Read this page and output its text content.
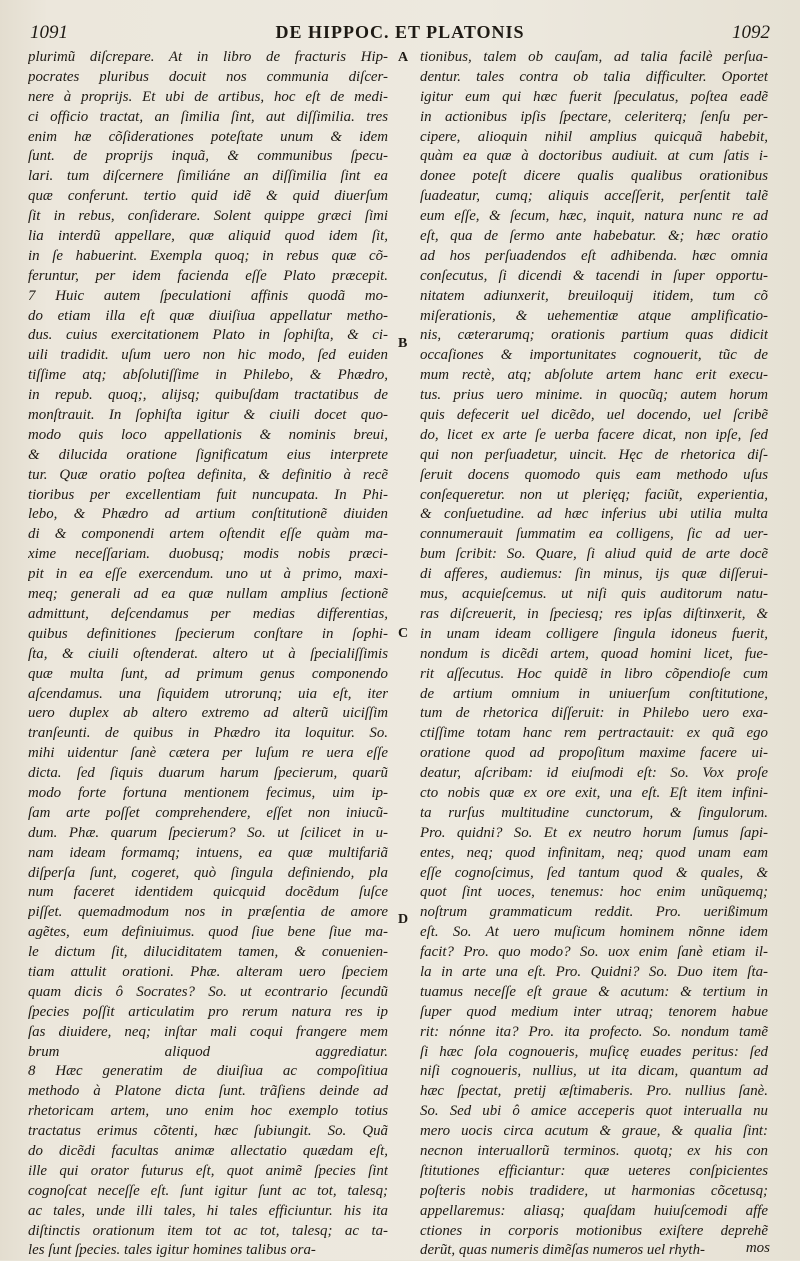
1091	DE HIPPOC. ET PLATONIS	1092
plurimũ diſcrepare. At in libro de fracturis Hip-
pocrates pluribus docuit nos communia diſcer-
nere à proprijs. Et ubi de artibus, hoc eſt de medi-
ci officio tractat, an ſimilia ſint, aut diſſimilia. tres
enim hæ cõſiderationes poteſtate unum & idem
ſunt. de proprijs inquã, & communibus ſpecu-
lari. tum diſcernere ſimiliáne an diſſimilia ſint ea
quæ conferunt. tertio quid idẽ & quid diuerſum
ſit in rebus, conſiderare. Solent quippe græci ſimi
lia interdũ appellare, quæ aliquid quod idem ſit,
in ſe habuerint. Exempla quoq; in rebus quæ cõ-
feruntur, per idem facienda eſſe Plato præcepit.
7 Huic autem ſpeculationi affinis quodã mo-
do etiam illa eſt quæ diuiſiua appellatur metho-
dus. cuius exercitationem Plato in ſophiſta, & ci-
uili tradidit. uſum uero non hic modo, ſed euiden
tiſſime atq; abſolutiſſime in Philebo, & Phædro,
in repub. quoq;, alijsq; quibuſdam tractatibus de
monſtrauit. In ſophiſta igitur & ciuili docet quo-
modo quis loco appellationis & nominis breui,
& dilucida oratione ſignificatum eius interprete
tur. Quæ oratio poſtea definita, & definitio à recẽ
tioribus per excellentiam fuit nuncupata. In Phi-
lebo, & Phædro ad artium conſtitutionẽ diuiden
di & componendi artem oſtendit eſſe quàm ma-
xime neceſſariam. duobusq; modis nobis præci-
pit in ea eſſe exercendum. uno ut à primo, maxi-
meq; generali ad ea quæ nullam amplius ſectionẽ
admittunt, deſcendamus per medias differentias,
quibus definitiones ſpecierum conſtare in ſophi-
ſta, & ciuili oſtenderat. altero ut à ſpecialiſſimis
quæ multa ſunt, ad primum genus componendo
aſcendamus. una ſiquidem utrorunq; uia eſt, iter
uero duplex ab altero extremo ad alterũ uiciſſim
tranſeunti. de quibus in Phædro ita loquitur. So.
mihi uidentur ſanè cætera per luſum re uera eſſe
dicta. ſed ſiquis duarum harum ſpecierum, quarũ
modo forte fortuna mentionem fecimus, uim ip-
ſam arte poſſet comprehendere, eſſet non iniucũ-
dum. Phæ. quarum ſpecierum? So. ut ſcilicet in u-
nam ideam formamq; intuens, ea quæ multifariã
diſperſa ſunt, cogeret, quò ſingula definiendo, pla
num faceret identidem quicquid docẽdum ſuſce
piſſet. quemadmodum nos in præſentia de amore
agẽtes, eum definiuimus. quod ſiue bene ſiue ma-
le dictum ſit, diluciditatem tamen, & conuenien-
tiam attulit orationi. Phæ. alteram uero ſpeciem
quam dicis ô Socrates? So. ut econtrario ſecundũ
ſpecies poſſit articulatim pro rerum natura res ip
ſas diuidere, neq; inſtar mali coqui frangere mem
brum aliquod aggrediatur.
8 Hæc generatim de diuiſiua ac compoſitiua
methodo à Platone dicta ſunt. trãſiens deinde ad
rhetoricam artem, uno enim hoc exemplo totius
tractatus erimus cõtenti, hæc ſubiungit. So. Quã
do dicẽdi facultas animæ allectatio quædam eſt,
ille qui orator futurus eſt, quot animẽ ſpecies ſint
cognoſcat neceſſe eſt. ſunt igitur ſunt ac tot, talesq;
ac tales, unde illi tales, hi tales efficiuntur. his ita
diſtinctis orationum item tot ac tot, talesq; ac ta-
les ſunt ſpecies. tales igitur homines talibus ora-
tionibus, talem ob cauſam, ad talia facilè perſua-
dentur. tales contra ob talia difficulter. Oportet
igitur eum qui hæc fuerit ſpeculatus, poſtea eadẽ
in actionibus ipſis ſpectare, celeriterq; ſenſu per-
cipere, alioquin nihil amplius quicquã habebit,
quàm ea quæ à doctoribus audiuit. at cum ſatis i-
donee poteſt dicere qualis qualibus orationibus
ſuadeatur, cumq; aliquis acceſſerit, perſentit talẽ
eum eſſe, & ſecum, hæc, inquit, natura nunc re ad
eſt, qua de ſermo ante habebatur. &; hæc oratio
ad hos perſuadendos eſt adhibenda. hæc omnia
conſecutus, ſi dicendi & tacendi in ſuper opportu-
nitatem adiunxerit, breuiloquij itidem, tum cõ
miſerationis, & uehementiæ atque amplificatio-
nis, cæterarumq; orationis partium quas didicit
occaſiones & importunitates cognouerit, tũc de
mum rectè, atq; abſolute artem hanc erit execu-
tus. prius uero minime. in quocũq; autem horum
quis defecerit uel dicẽdo, uel docendo, uel ſcribẽ
do, licet ex arte ſe uerba facere dicat, non ipſe, ſed
qui non perſuadetur, uincit. Hęc de rhetorica diſ-
ſeruit docens quomodo quis eam methodo uſus
conſequeretur. non ut plerięq; faciũt, experientia,
& conſuetudine. ad hæc inferius ubi utilia multa
connumerauit ſummatim ea colligens, ſic ad uer-
bum ſcribit: So. Quare, ſi aliud quid de arte docẽ
di afferes, audiemus: ſin minus, ijs quæ diſſerui-
mus, acquieſcemus. ut niſi quis auditorum natu-
ras diſcreuerit, in ſpeciesq; res ipſas diſtinxerit, &
in unam ideam colligere ſingula idoneus fuerit,
nondum is dicẽdi artem, quoad homini licet, fue-
rit aſſecutus. Hoc quidẽ in libro cõpendioſe cum
de artium omnium in uniuerſum conſtitutione,
tum de rhetorica diſſeruit: in Philebo uero exa-
ctiſſime totam hanc rem pertractauit: ex quã ego
oratione quod ad propoſitum maxime facere ui-
deatur, aſcribam: id eiuſmodi eſt: So. Vox proſe
cto nobis quæ ex ore exit, una eſt. Eſt item infini-
ta rurſus multitudine cunctorum, & ſingulorum.
Pro. quidni? So. Et ex neutro horum ſumus ſapi-
entes, neq; quod infinitam, neq; quod unam eam
eſſe cognoſcimus, ſed tantum quod & quales, &
quot ſint uoces, tenemus: hoc enim unũquemq;
noſtrum grammaticum reddit. Pro. uerißimum
eſt. So. At uero muſicum hominem nõnne idem
facit? Pro. quo modo? So. uox enim ſanè etiam il-
la in arte una eſt. Pro. Quidni? So. Duo item ſta-
tuamus neceſſe eſt graue & acutum: & tertium in
ſuper quod medium inter utraq; tenorem habue
rit: nónne ita? Pro. ita profecto. So. nondum tamẽ
ſi hæc ſola cognoueris, muſicę euades peritus: ſed
niſi cognoueris, nullius, ut ita dicam, quantum ad
hæc ſpectat, pretij æſtimaberis. Pro. nullius ſanè.
So. Sed ubi ô amice acceperis quot interualla nu
mero uocis circa acutum & graue, & qualia ſint:
necnon interuallorũ terminos. quotq; ex his con
ſtitutiones efficiantur: quæ ueteres conſpicientes
poſteris nobis tradidere, ut harmonias cõcetusq;
appellaremus: aliasq; quaſdam huiuſcemodi affe
ctiones in corporis motionibus exiſtere deprehẽ
derũt, quas numeris dimẽſas numeros uel rhyth-
A
B
C
D
mos
